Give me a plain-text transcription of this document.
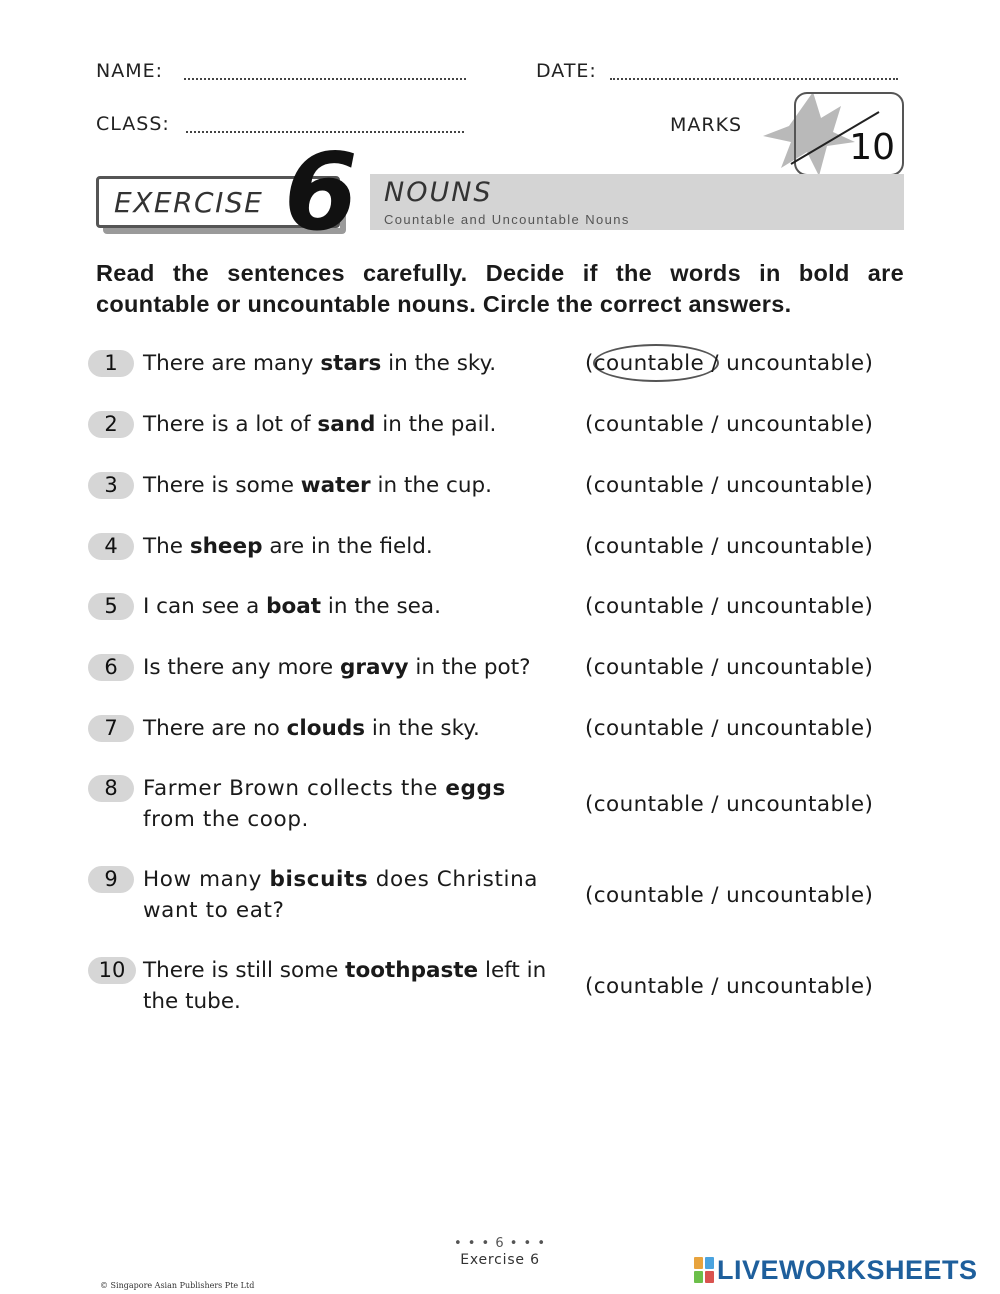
NAME:	DATE:
CLASS:	MARKS
10
EXERCISE 6 NOUNS
Countable and Uncountable Nouns
Read the sentences carefully. Decide if the words in bold are countable or uncountable nouns. Circle the correct answers.
1	There are many stars in the sky.	(countable / uncountable)
2	There is a lot of sand in the pail.	(countable / uncountable)
3	There is some water in the cup.	(countable / uncountable)
4	The sheep are in the field.	(countable / uncountable)
5	I can see a boat in the sea.	(countable / uncountable)
6	Is there any more gravy in the pot?	(countable / uncountable)
7	There are no clouds in the sky.	(countable / uncountable)
8	Farmer Brown collects the eggs from the coop.
(countable / uncountable)
9	How many biscuits does Christina want to eat?
(countable / uncountable)
10 There is still some toothpaste left in the tube.
(countable / uncountable)
• • • 6 • • •
Exercise 6
© Singapore Asian Publishers Pte Ltd
LIVEWORKSHEETS
